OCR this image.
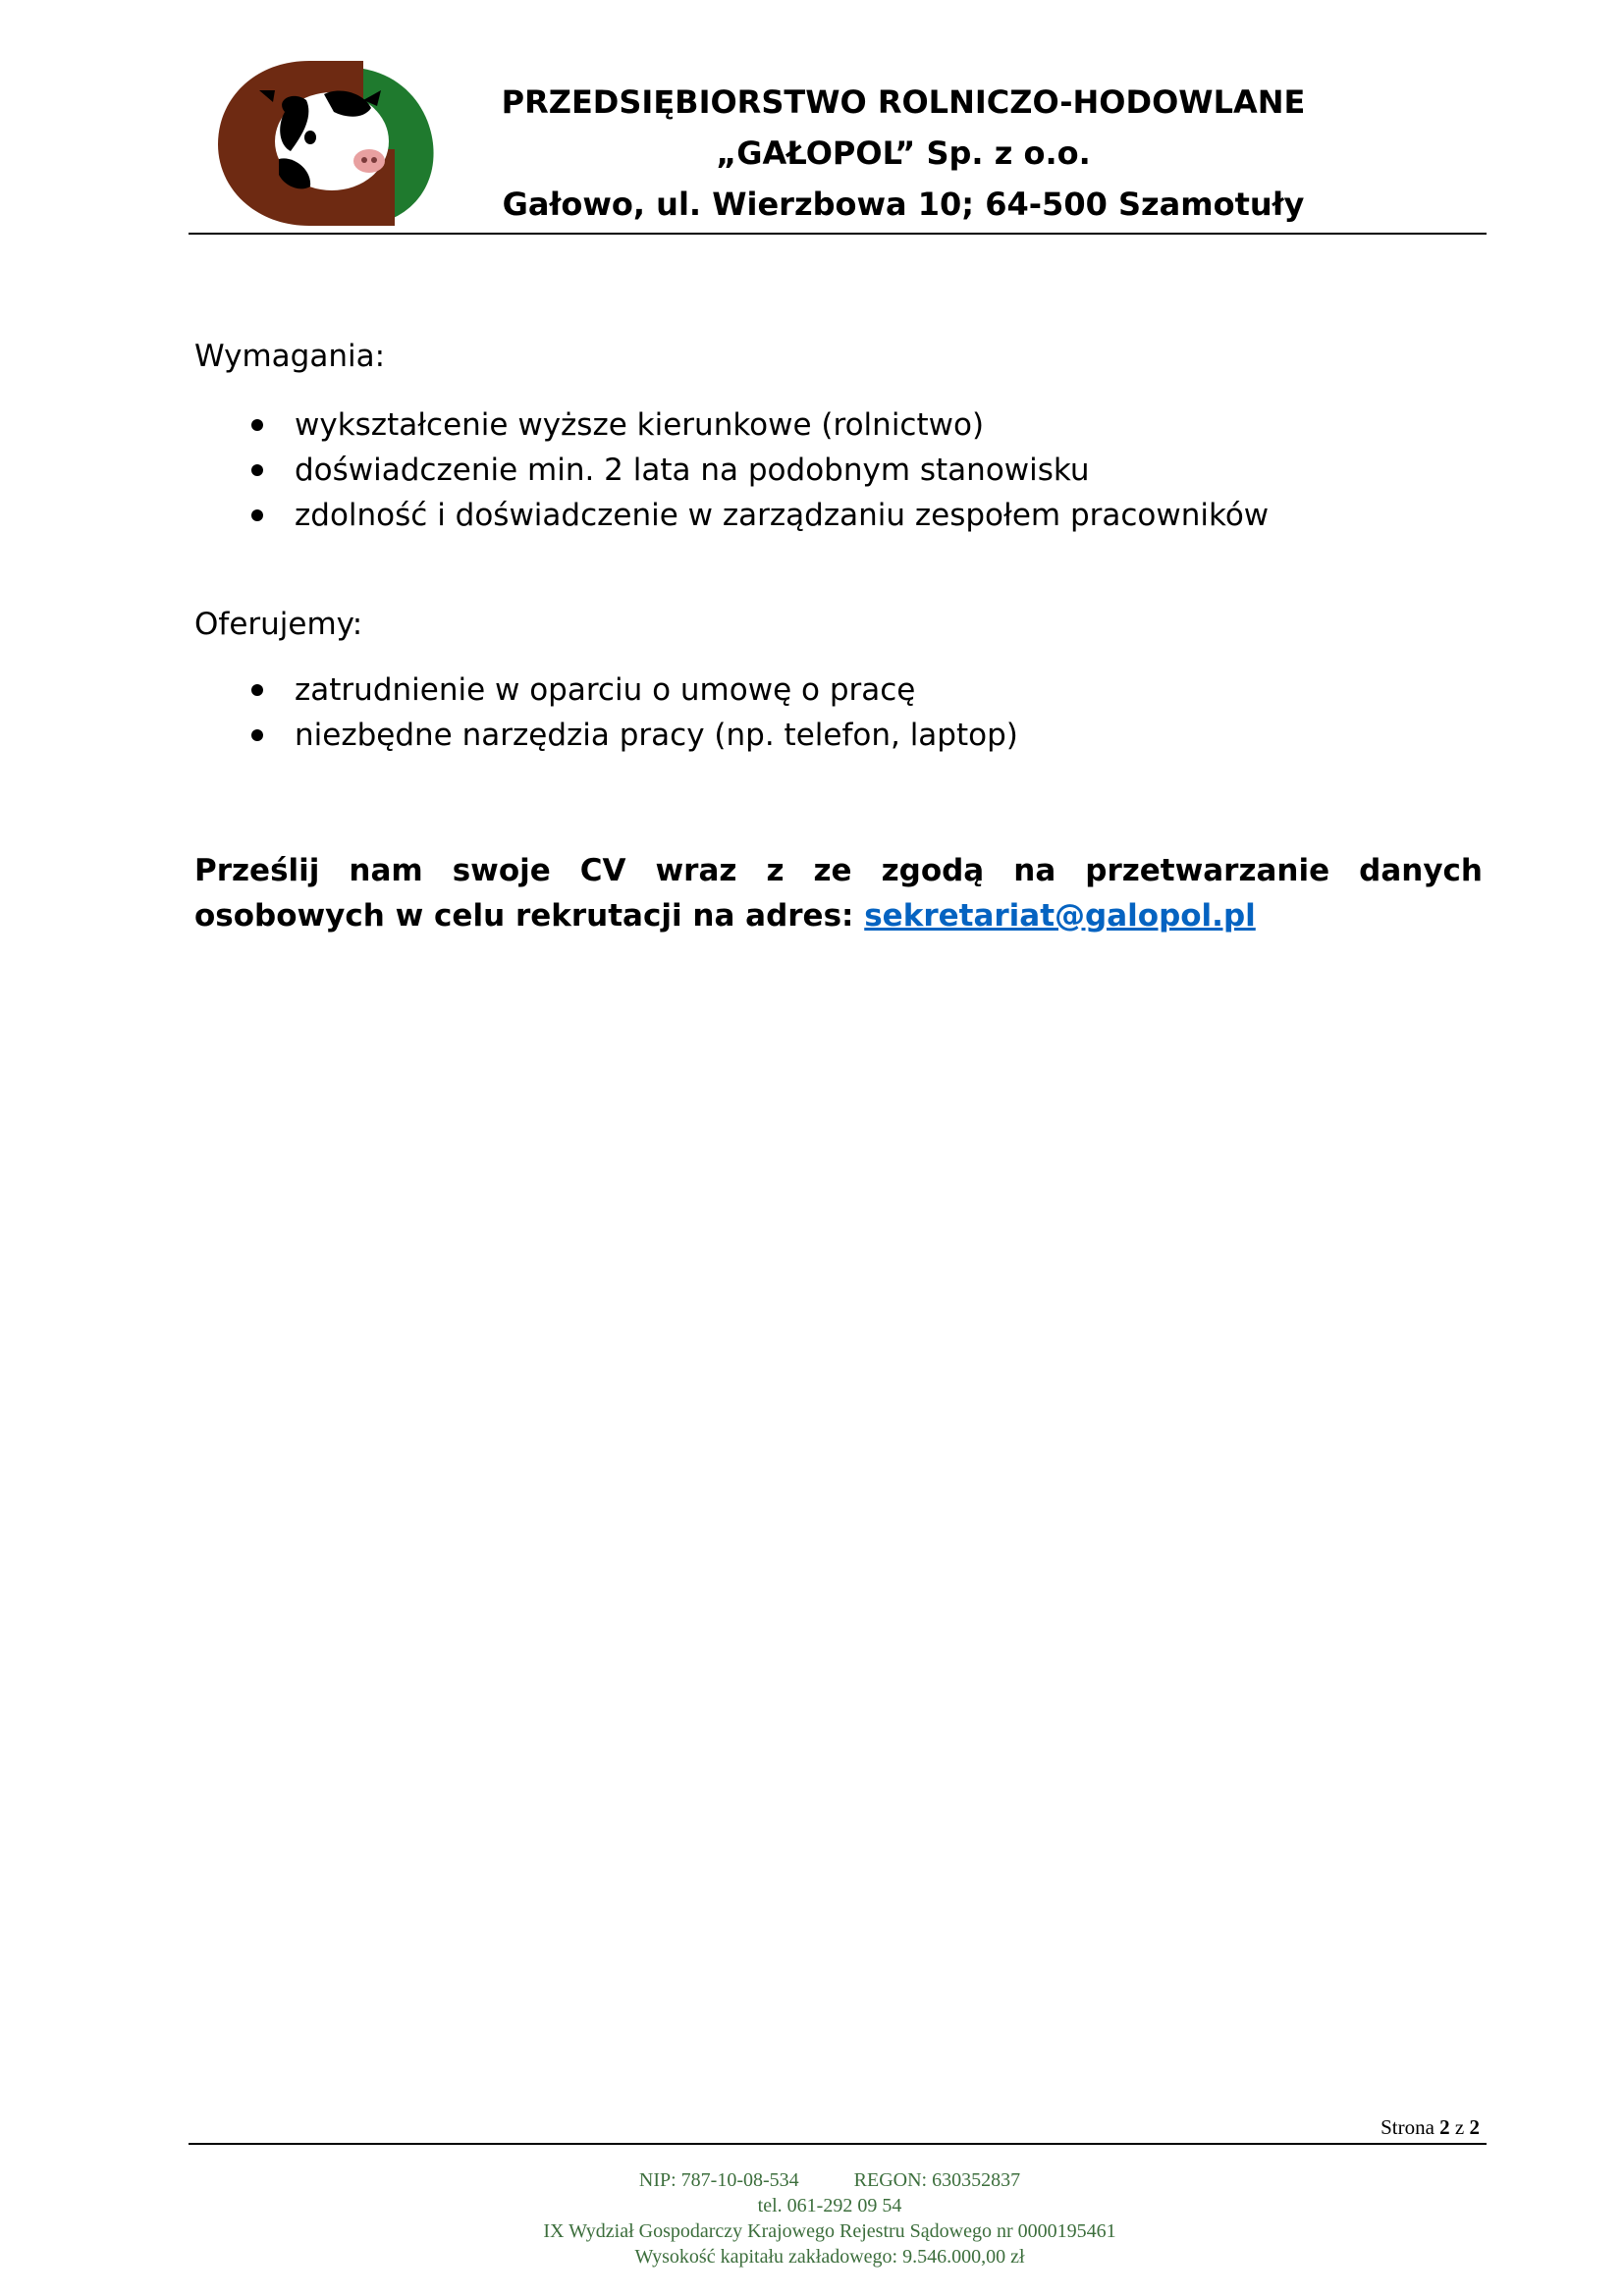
PRZEDSIĘBIORSTWO ROLNICZO-HODOWLANE
„GAŁOPOL” Sp. z o.o.
Gałowo, ul. Wierzbowa 10; 64-500 Szamotuły
Wymagania:
wykształcenie wyższe kierunkowe (rolnictwo)
doświadczenie min. 2 lata na podobnym stanowisku
zdolność i doświadczenie w zarządzaniu zespołem pracowników
Oferujemy:
zatrudnienie w oparciu o umowę o pracę
niezbędne narzędzia pracy (np. telefon, laptop)
Prześlij nam swoje CV wraz z ze zgodą na przetwarzanie danych osobowych w celu rekrutacji na adres: sekretariat@galopol.pl
Strona 2 z 2
NIP: 787-10-08-534	REGON: 630352837
tel. 061-292 09 54
IX Wydział Gospodarczy Krajowego Rejestru Sądowego nr 0000195461
Wysokość kapitału zakładowego: 9.546.000,00 zł
